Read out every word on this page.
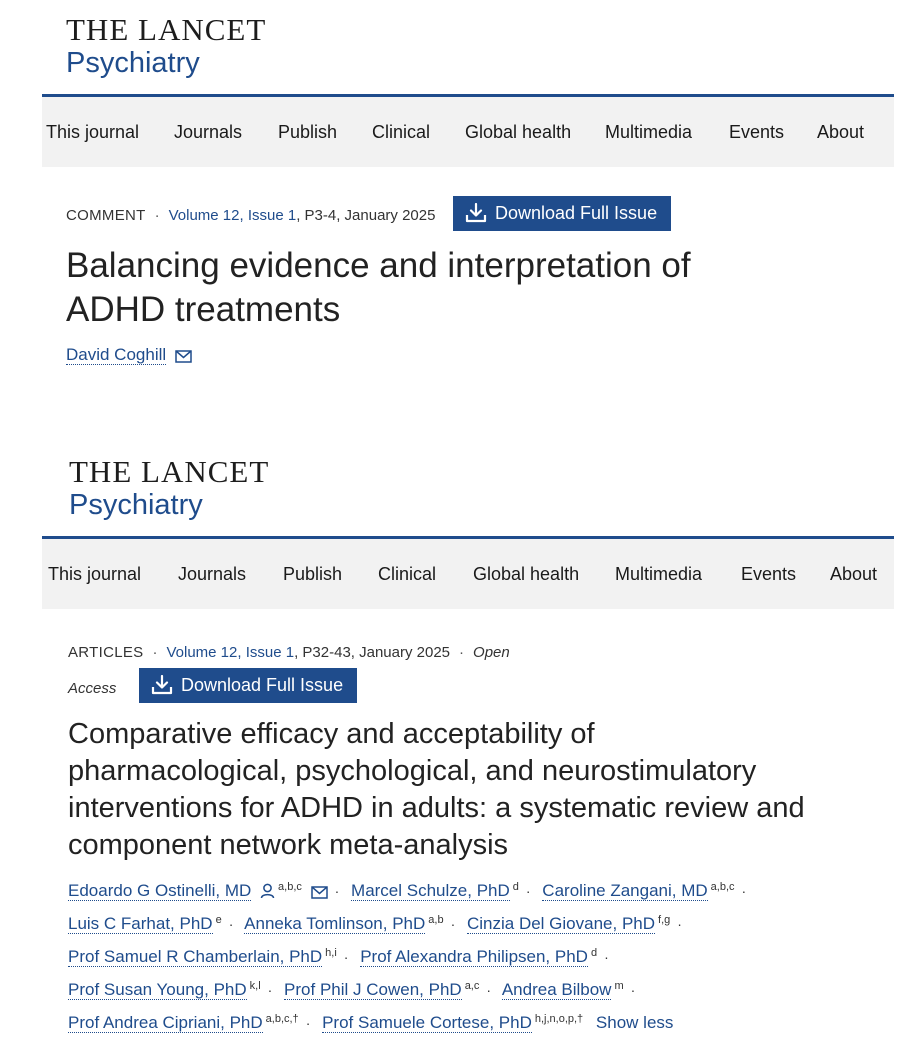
THE LANCET
Psychiatry
This journal Journals Publish Clinical Global health Multimedia Events About
COMMENT · Volume 12, Issue 1, P3-4, January 2025	Download Full Issue
Balancing evidence and interpretation of ADHD treatments
David Coghill
THE LANCET
Psychiatry
This journal Journals Publish Clinical Global health Multimedia Events About
ARTICLES · Volume 12, Issue 1, P32-43, January 2025 · Open
Access	Download Full Issue
Comparative efficacy and acceptability of pharmacological, psychological, and neurostimulatory interventions for ADHD in adults: a systematic review and component network meta-analysis
Edoardo G Ostinelli, MD $^{a,b,c}$ · Marcel Schulze, PhD $^d$ · Caroline Zangani, MD $^{a,b,c}$ ·
Luis C Farhat, PhD $^e$ · Anneka Tomlinson, PhD $^{a,b}$ · Cinzia Del Giovane, PhD $^{f,g}$ ·
Prof Samuel R Chamberlain, PhD $^{h,i}$ · Prof Alexandra Philipsen, PhD $^d$ ·
Prof Susan Young, PhD $^{k,l}$ · Prof Phil J Cowen, PhD $^{a,c}$ · Andrea Bilbow $^m$ ·
Prof Andrea Cipriani, PhD $^{a,b,c,\dagger}$ · Prof Samuele Cortese, PhD $^{h,j,n,o,p,\dagger}$ Show less
